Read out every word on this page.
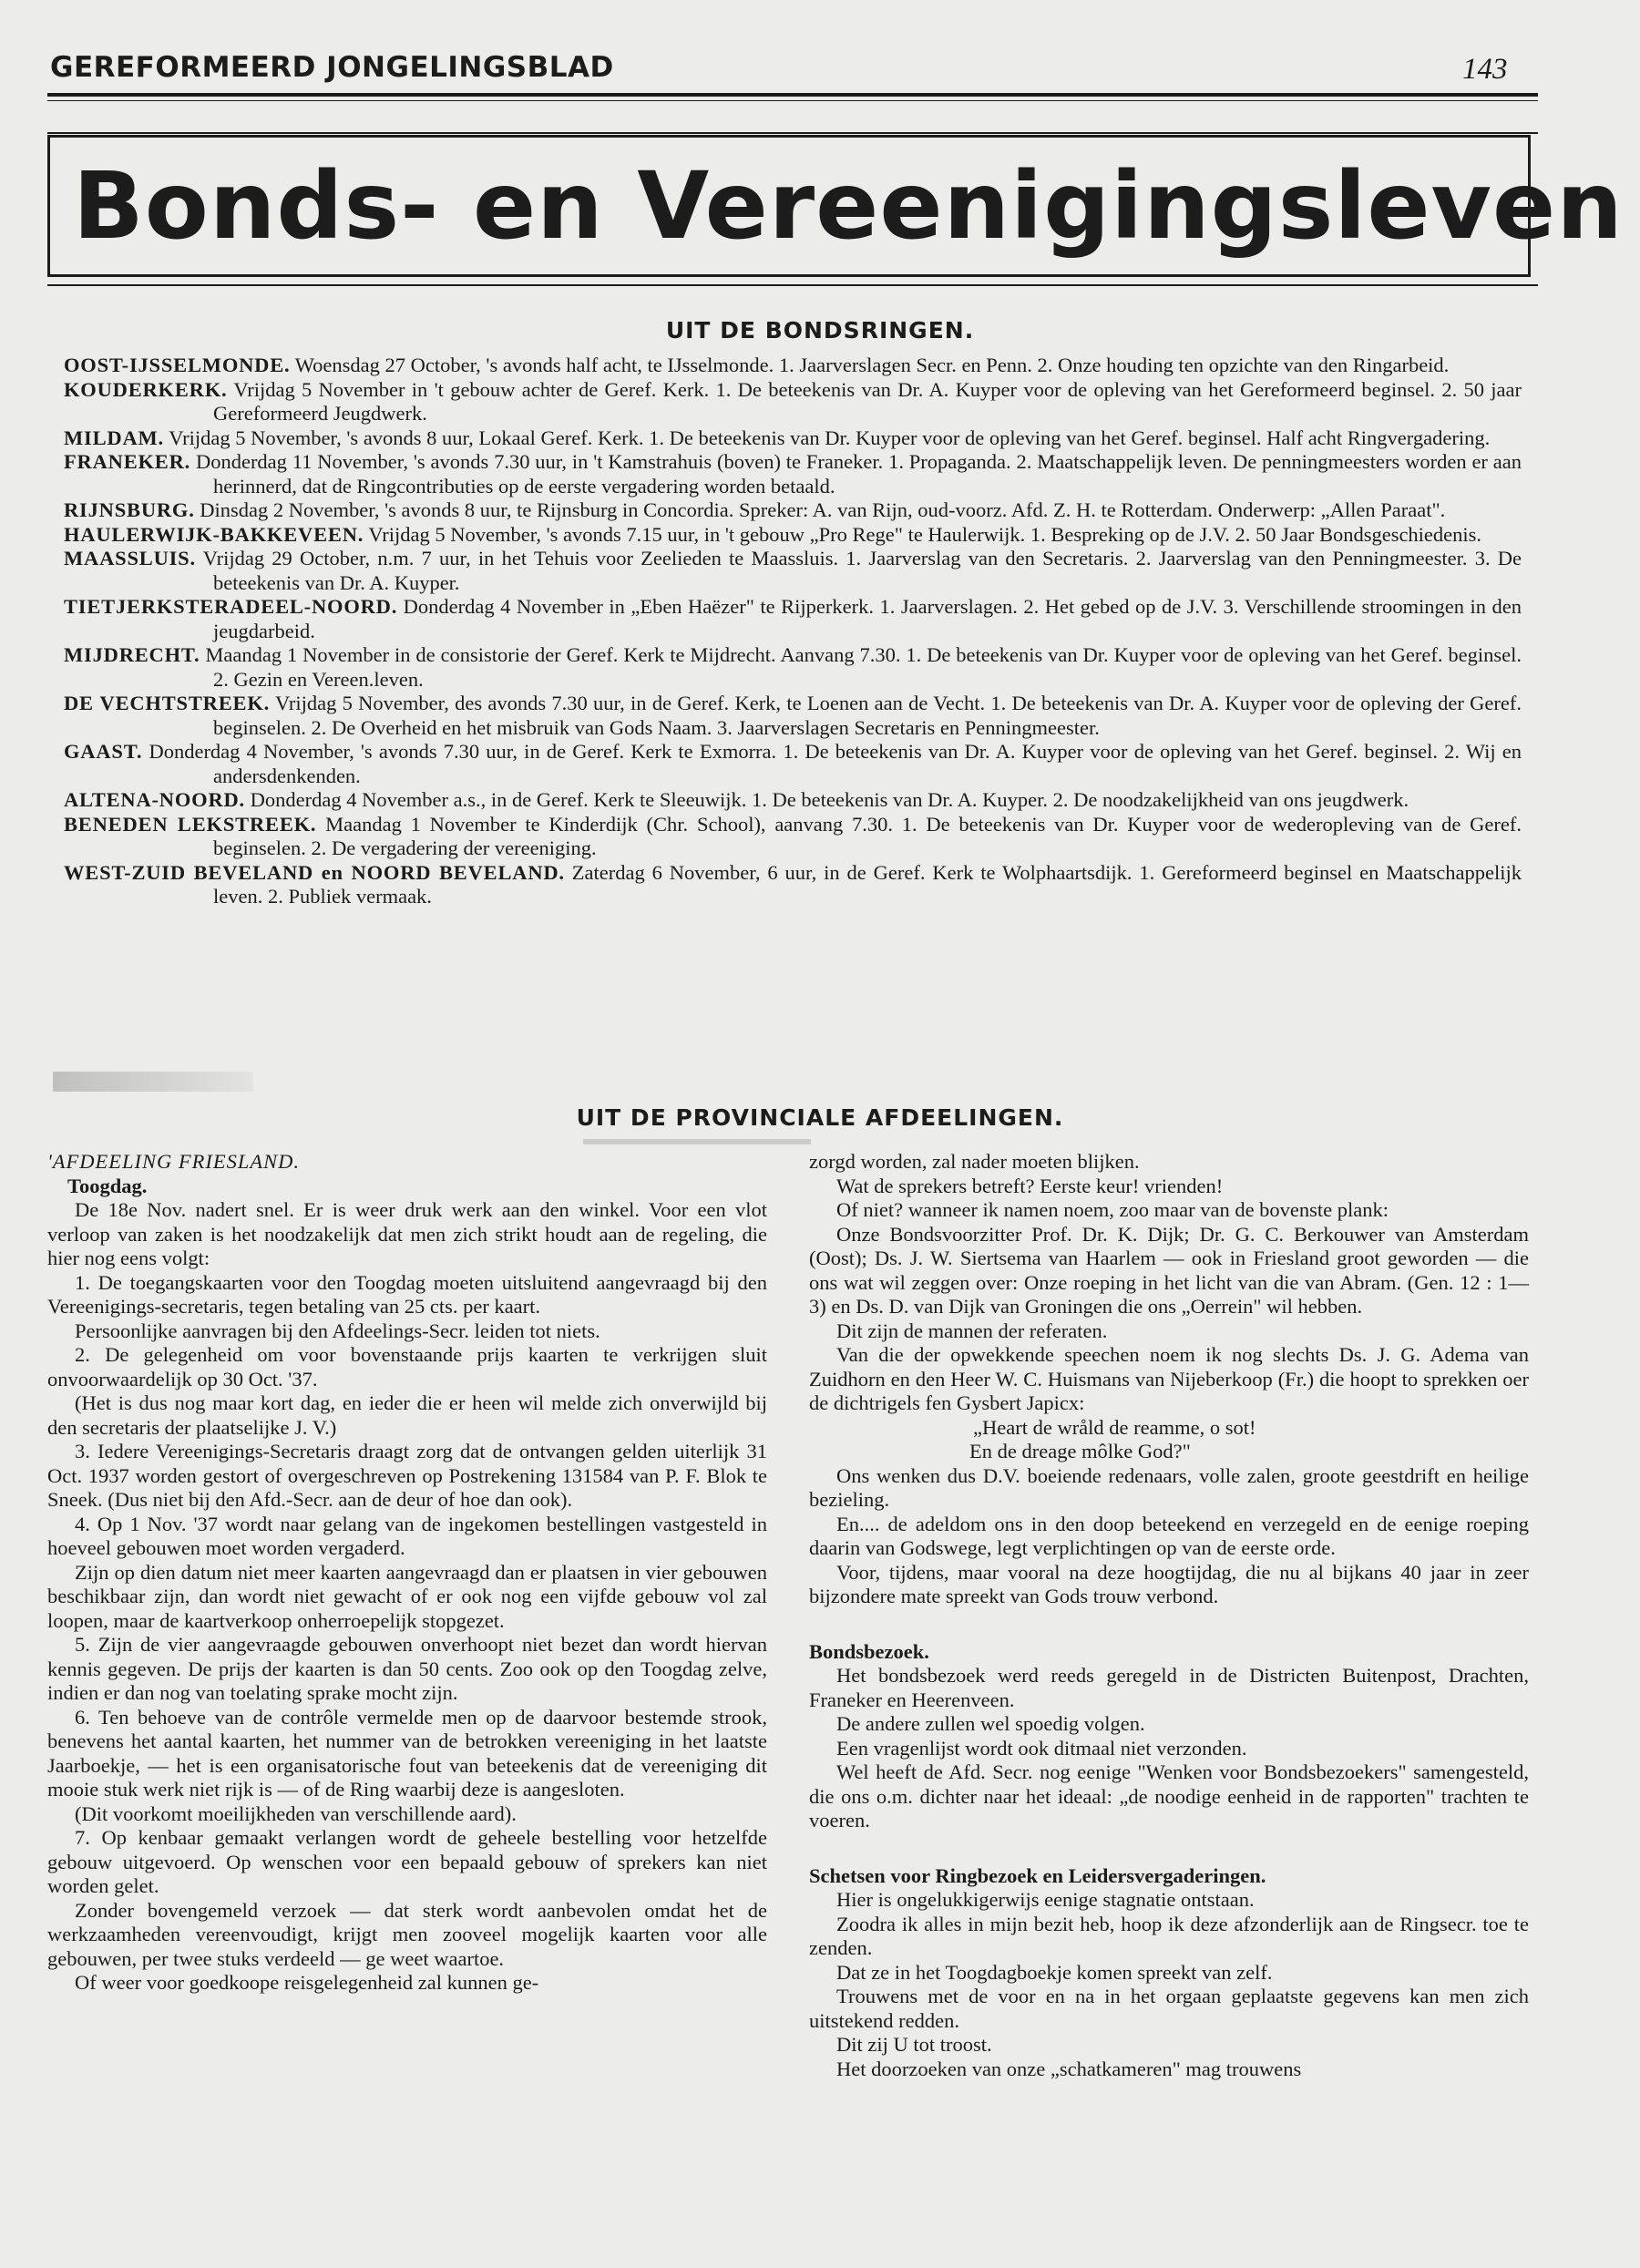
GEREFORMEERD JONGELINGSBLAD	143
Bonds- en Vereenigingsleven
UIT DE BONDSRINGEN.

OOST-IJSSELMONDE. Woensdag 27 October, 's avonds half acht, te IJsselmonde. 1. Jaarverslagen Secr. en Penn. 2. Onze houding ten opzichte van den Ringarbeid.

KOUDERKERK. Vrijdag 5 November in 't gebouw achter de Geref. Kerk. 1. De beteekenis van Dr. A. Kuyper voor de opleving van het Gereformeerd beginsel. 2. 50 jaar Gereformeerd Jeugdwerk.

MILDAM. Vrijdag 5 November, 's avonds 8 uur, Lokaal Geref. Kerk. 1. De beteekenis van Dr. Kuyper voor de opleving van het Geref. beginsel. Half acht Ringvergadering.

FRANEKER. Donderdag 11 November, 's avonds 7.30 uur, in 't Kamstrahuis (boven) te Franeker. 1. Propaganda. 2. Maatschappelijk leven. De penningmeesters worden er aan herinnerd, dat de Ringcontributies op de eerste vergadering worden betaald.

RIJNSBURG. Dinsdag 2 November, 's avonds 8 uur, te Rijnsburg in Concordia. Spreker: A. van Rijn, oud-voorz. Afd. Z. H. te Rotterdam. Onderwerp: „Allen Paraat".

HAULERWIJK-BAKKEVEEN. Vrijdag 5 November, 's avonds 7.15 uur, in 't gebouw „Pro Rege" te Haulerwijk. 1. Bespreking op de J.V. 2. 50 Jaar Bondsgeschiedenis.

MAASSLUIS. Vrijdag 29 October, n.m. 7 uur, in het Tehuis voor Zeelieden te Maassluis. 1. Jaarverslag van den Secretaris. 2. Jaarverslag van den Penningmeester. 3. De beteekenis van Dr. A. Kuyper.

TIETJERKSTERADEEL-NOORD. Donderdag 4 November in „Eben Haëzer" te Rijperkerk. 1. Jaarverslagen. 2. Het gebed op de J.V. 3. Verschillende stroomingen in den jeugdarbeid.

MIJDRECHT. Maandag 1 November in de consistorie der Geref. Kerk te Mijdrecht. Aanvang 7.30. 1. De beteekenis van Dr. Kuyper voor de opleving van het Geref. beginsel. 2. Gezin en Vereen.leven.

DE VECHTSTREEK. Vrijdag 5 November, des avonds 7.30 uur, in de Geref. Kerk, te Loenen aan de Vecht. 1. De beteekenis van Dr. A. Kuyper voor de opleving der Geref. beginselen. 2. De Overheid en het misbruik van Gods Naam. 3. Jaarverslagen Secretaris en Penningmeester.

GAAST. Donderdag 4 November, 's avonds 7.30 uur, in de Geref. Kerk te Exmorra. 1. De beteekenis van Dr. A. Kuyper voor de opleving van het Geref. beginsel. 2. Wij en andersdenkenden.

ALTENA-NOORD. Donderdag 4 November a.s., in de Geref. Kerk te Sleeuwijk. 1. De beteekenis van Dr. A. Kuyper. 2. De noodzakelijkheid van ons jeugdwerk.

BENEDEN LEKSTREEK. Maandag 1 November te Kinderdijk (Chr. School), aanvang 7.30. 1. De beteekenis van Dr. Kuyper voor de wederopleving van de Geref. beginselen. 2. De vergadering der vereeniging.

WEST-ZUID BEVELAND en NOORD BEVELAND. Zaterdag 6 November, 6 uur, in de Geref. Kerk te Wolphaartsdijk. 1. Gereformeerd beginsel en Maatschappelijk leven. 2. Publiek vermaak.

UIT DE PROVINCIALE AFDEELINGEN.

'AFDEELING FRIESLAND.

Toogdag.

De 18e Nov. nadert snel. Er is weer druk werk aan den winkel. Voor een vlot verloop van zaken is het noodzakelijk dat men zich strikt houdt aan de regeling, die hier nog eens volgt:

1. De toegangskaarten voor den Toogdag moeten uitsluitend aangevraagd bij den Vereenigings-secretaris, tegen betaling van 25 cts. per kaart.

Persoonlijke aanvragen bij den Afdeelings-Secr. leiden tot niets.

2. De gelegenheid om voor bovenstaande prijs kaarten te verkrijgen sluit onvoorwaardelijk op 30 Oct. '37.

(Het is dus nog maar kort dag, en ieder die er heen wil melde zich onverwijld bij den secretaris der plaatselijke J. V.)

3. Iedere Vereenigings-Secretaris draagt zorg dat de ontvangen gelden uiterlijk 31 Oct. 1937 worden gestort of overgeschreven op Postrekening 131584 van P. F. Blok te Sneek. (Dus niet bij den Afd.-Secr. aan de deur of hoe dan ook).

4. Op 1 Nov. '37 wordt naar gelang van de ingekomen bestellingen vastgesteld in hoeveel gebouwen moet worden vergaderd.

Zijn op dien datum niet meer kaarten aangevraagd dan er plaatsen in vier gebouwen beschikbaar zijn, dan wordt niet gewacht of er ook nog een vijfde gebouw vol zal loopen, maar de kaartverkoop onherroepelijk stopgezet.

5. Zijn de vier aangevraagde gebouwen onverhoopt niet bezet dan wordt hiervan kennis gegeven. De prijs der kaarten is dan 50 cents. Zoo ook op den Toogdag zelve, indien er dan nog van toelating sprake mocht zijn.

6. Ten behoeve van de contrôle vermelde men op de daarvoor bestemde strook, benevens het aantal kaarten, het nummer van de betrokken vereeniging in het laatste Jaarboekje, — het is een organisatorische fout van beteekenis dat de vereeniging dit mooie stuk werk niet rijk is — of de Ring waarbij deze is aangesloten.

(Dit voorkomt moeilijkheden van verschillende aard).

7. Op kenbaar gemaakt verlangen wordt de geheele bestelling voor hetzelfde gebouw uitgevoerd. Op wenschen voor een bepaald gebouw of sprekers kan niet worden gelet.

Zonder bovengemeld verzoek — dat sterk wordt aanbevolen omdat het de werkzaamheden vereenvoudigt, krijgt men zooveel mogelijk kaarten voor alle gebouwen, per twee stuks verdeeld — ge weet waartoe.

Of weer voor goedkoope reisgelegenheid zal kunnen ge-

zorgd worden, zal nader moeten blijken.

Wat de sprekers betreft? Eerste keur! vrienden!

Of niet? wanneer ik namen noem, zoo maar van de bovenste plank:

Onze Bondsvoorzitter Prof. Dr. K. Dijk; Dr. G. C. Berkouwer van Amsterdam (Oost); Ds. J. W. Siertsema van Haarlem — ook in Friesland groot geworden — die ons wat wil zeggen over: Onze roeping in het licht van die van Abram. (Gen. 12 : 1—3) en Ds. D. van Dijk van Groningen die ons „Oerrein" wil hebben.

Dit zijn de mannen der referaten.

Van die der opwekkende speechen noem ik nog slechts Ds. J. G. Adema van Zuidhorn en den Heer W. C. Huismans van Nijeberkoop (Fr.) die hoopt to sprekken oer de dichtrigels fen Gysbert Japicx:

„Heart de wråld de reamme, o sot!

En de dreage môlke God?"

Ons wenken dus D.V. boeiende redenaars, volle zalen, groote geestdrift en heilige bezieling.

En.... de adeldom ons in den doop beteekend en verzegeld en de eenige roeping daarin van Godswege, legt verplichtingen op van de eerste orde.

Voor, tijdens, maar vooral na deze hoogtijdag, die nu al bijkans 40 jaar in zeer bijzondere mate spreekt van Gods trouw verbond.

Bondsbezoek.

Het bondsbezoek werd reeds geregeld in de Districten Buitenpost, Drachten, Franeker en Heerenveen.

De andere zullen wel spoedig volgen.

Een vragenlijst wordt ook ditmaal niet verzonden.

Wel heeft de Afd. Secr. nog eenige "Wenken voor Bondsbezoekers" samengesteld, die ons o.m. dichter naar het ideaal: „de noodige eenheid in de rapporten" trachten te voeren.

Schetsen voor Ringbezoek en Leidersvergaderingen.

Hier is ongelukkigerwijs eenige stagnatie ontstaan.

Zoodra ik alles in mijn bezit heb, hoop ik deze afzonderlijk aan de Ringsecr. toe te zenden.

Dat ze in het Toogdagboekje komen spreekt van zelf.

Trouwens met de voor en na in het orgaan geplaatste gegevens kan men zich uitstekend redden.

Dit zij U tot troost.

Het doorzoeken van onze „schatkameren" mag trouwens
